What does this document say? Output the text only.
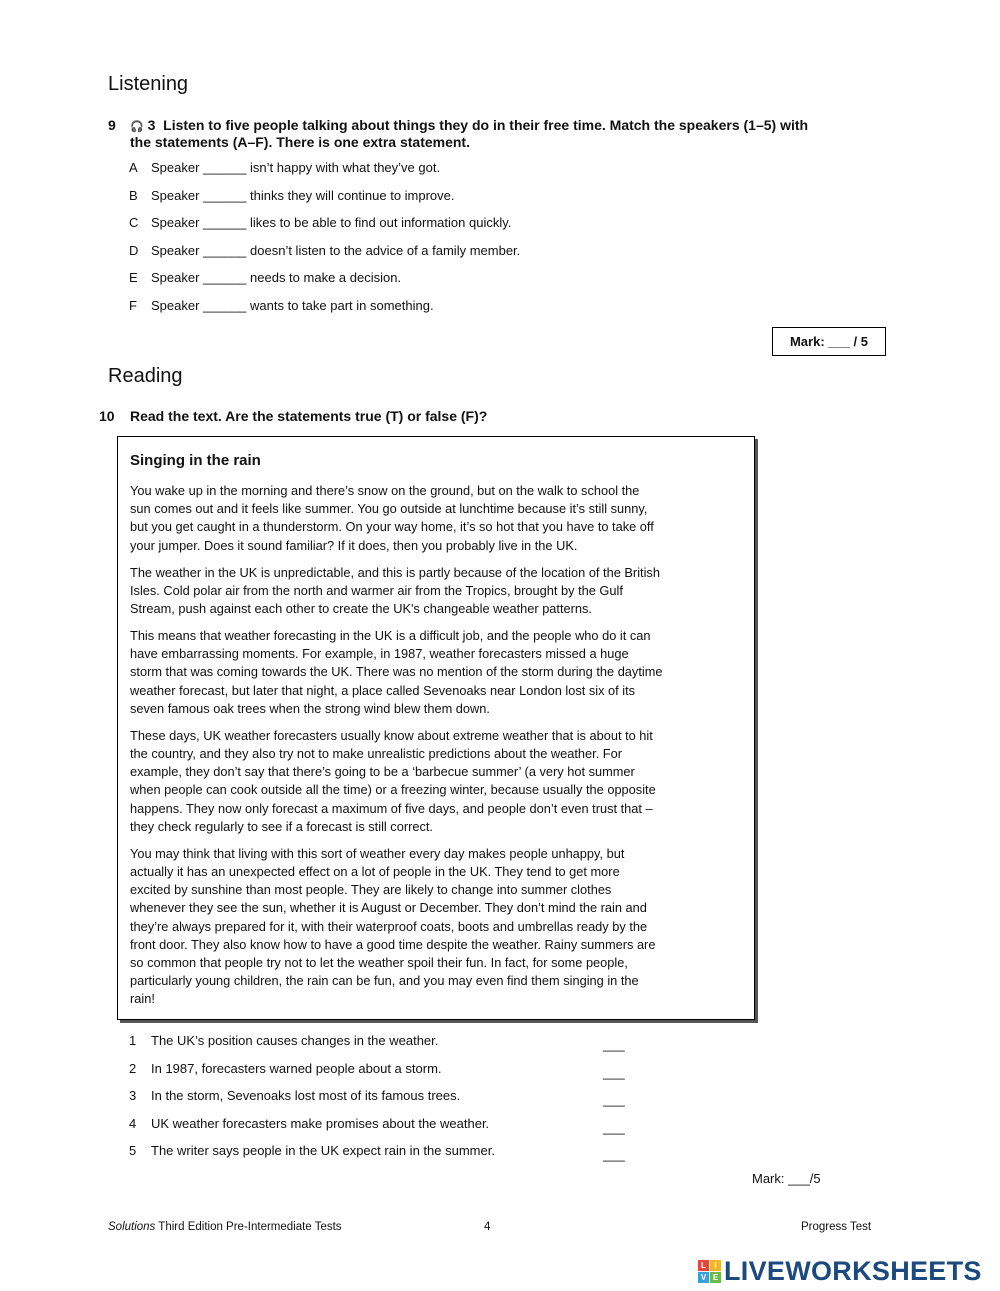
Listening
9 🎧 3 Listen to five people talking about things they do in their free time. Match the speakers (1–5) with
the statements (A–F). There is one extra statement.
A Speaker ______ isn’t happy with what they’ve got.
B Speaker ______ thinks they will continue to improve.
C Speaker ______ likes to be able to find out information quickly.
D Speaker ______ doesn’t listen to the advice of a family member.
E Speaker ______ needs to make a decision.
F Speaker ______ wants to take part in something.
Mark: ___ / 5
Reading
10 Read the text. Are the statements true (T) or false (F)?
Singing in the rain
You wake up in the morning and there’s snow on the ground, but on the walk to school the
sun comes out and it feels like summer. You go outside at lunchtime because it’s still sunny,
but you get caught in a thunderstorm. On your way home, it’s so hot that you have to take off
your jumper. Does it sound familiar? If it does, then you probably live in the UK.
The weather in the UK is unpredictable, and this is partly because of the location of the British
Isles. Cold polar air from the north and warmer air from the Tropics, brought by the Gulf
Stream, push against each other to create the UK's changeable weather patterns.
This means that weather forecasting in the UK is a difficult job, and the people who do it can
have embarrassing moments. For example, in 1987, weather forecasters missed a huge
storm that was coming towards the UK. There was no mention of the storm during the daytime
weather forecast, but later that night, a place called Sevenoaks near London lost six of its
seven famous oak trees when the strong wind blew them down.
These days, UK weather forecasters usually know about extreme weather that is about to hit
the country, and they also try not to make unrealistic predictions about the weather. For
example, they don’t say that there’s going to be a ‘barbecue summer’ (a very hot summer
when people can cook outside all the time) or a freezing winter, because usually the opposite
happens. They now only forecast a maximum of five days, and people don’t even trust that –
they check regularly to see if a forecast is still correct.
You may think that living with this sort of weather every day makes people unhappy, but
actually it has an unexpected effect on a lot of people in the UK. They tend to get more
excited by sunshine than most people. They are likely to change into summer clothes
whenever they see the sun, whether it is August or December. They don’t mind the rain and
they’re always prepared for it, with their waterproof coats, boots and umbrellas ready by the
front door. They also know how to have a good time despite the weather. Rainy summers are
so common that people try not to let the weather spoil their fun. In fact, for some people,
particularly young children, the rain can be fun, and you may even find them singing in the
rain!
1 The UK’s position causes changes in the weather.	___
2 In 1987, forecasters warned people about a storm.	___
3 In the storm, Sevenoaks lost most of its famous trees.	___
4 UK weather forecasters make promises about the weather.	___
5 The writer says people in the UK expect rain in the summer.	___
Mark: ___/5
Solutions Third Edition Pre-Intermediate Tests	4	Progress Test
L	I
V E LIVEWORKSHEETS
